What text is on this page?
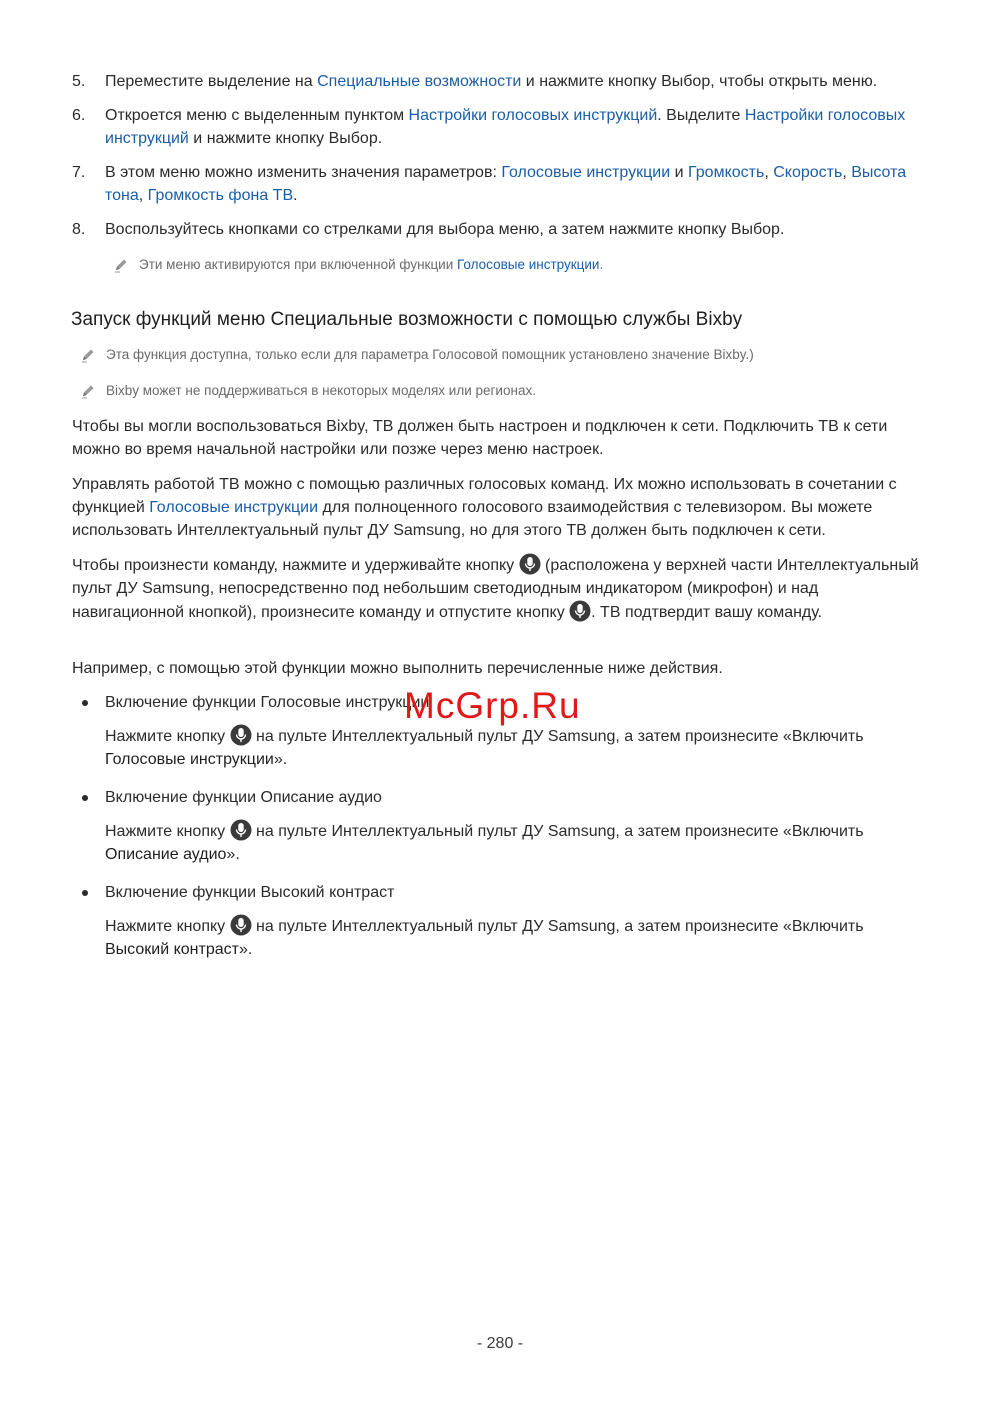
5.	Переместите выделение на Специальные возможности и нажмите кнопку Выбор, чтобы открыть меню.
6.	Откроется меню с выделенным пунктом Настройки голосовых инструкций. Выделите Настройки голосовых инструкций и нажмите кнопку Выбор.
7.	В этом меню можно изменить значения параметров: Голосовые инструкции и Громкость, Скорость, Высота тона, Громкость фона ТВ.
8.	Воспользуйтесь кнопками со стрелками для выбора меню, а затем нажмите кнопку Выбор.
Эти меню активируются при включенной функции Голосовые инструкции.
Запуск функций меню Специальные возможности с помощью службы Bixby
Эта функция доступна, только если для параметра Голосовой помощник установлено значение Bixby.)
Bixby может не поддерживаться в некоторых моделях или регионах.
Чтобы вы могли воспользоваться Bixby, ТВ должен быть настроен и подключен к сети. Подключить ТВ к сети можно во время начальной настройки или позже через меню настроек.
Управлять работой ТВ можно с помощью различных голосовых команд. Их можно использовать в сочетании с функцией Голосовые инструкции для полноценного голосового взаимодействия с телевизором. Вы можете использовать Интеллектуальный пульт ДУ Samsung, но для этого ТВ должен быть подключен к сети.
Чтобы произнести команду, нажмите и удерживайте кнопку  (расположена у верхней части Интеллектуальный пульт ДУ Samsung, непосредственно под небольшим светодиодным индикатором (микрофон) и над навигационной кнопкой), произнесите команду и отпустите кнопку . ТВ подтвердит вашу команду.
Например, с помощью этой функции можно выполнить перечисленные ниже действия.
Включение функции Голосовые инструкции
Нажмите кнопку  на пульте Интеллектуальный пульт ДУ Samsung, а затем произнесите «Включить Голосовые инструкции».
Включение функции Описание аудио
Нажмите кнопку  на пульте Интеллектуальный пульт ДУ Samsung, а затем произнесите «Включить Описание аудио».
Включение функции Высокий контраст
Нажмите кнопку  на пульте Интеллектуальный пульт ДУ Samsung, а затем произнесите «Включить Высокий контраст».
McGrp.Ru
- 280 -
